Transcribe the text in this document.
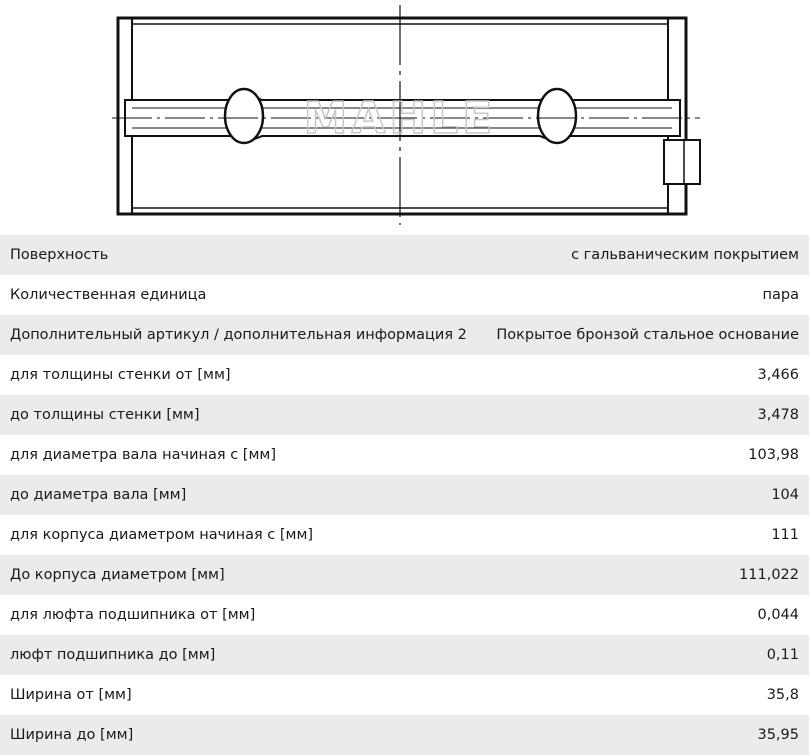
MAHLE
Поверхность	с гальваническим покрытием
Количественная единица	пара
Дополнительный артикул / дополнительная информация 2	Покрытое бронзой стальное основание
для толщины стенки от [мм]	3,466
до толщины стенки [мм]	3,478
для диаметра вала начиная с [мм]	103,98
до диаметра вала [мм]	104
для корпуса диаметром начиная с [мм]	111
До корпуса диаметром [мм]	111,022
для люфта подшипника от [мм]	0,044
люфт подшипника до [мм]	0,11
Ширина от [мм]	35,8
Ширина до [мм]	35,95
